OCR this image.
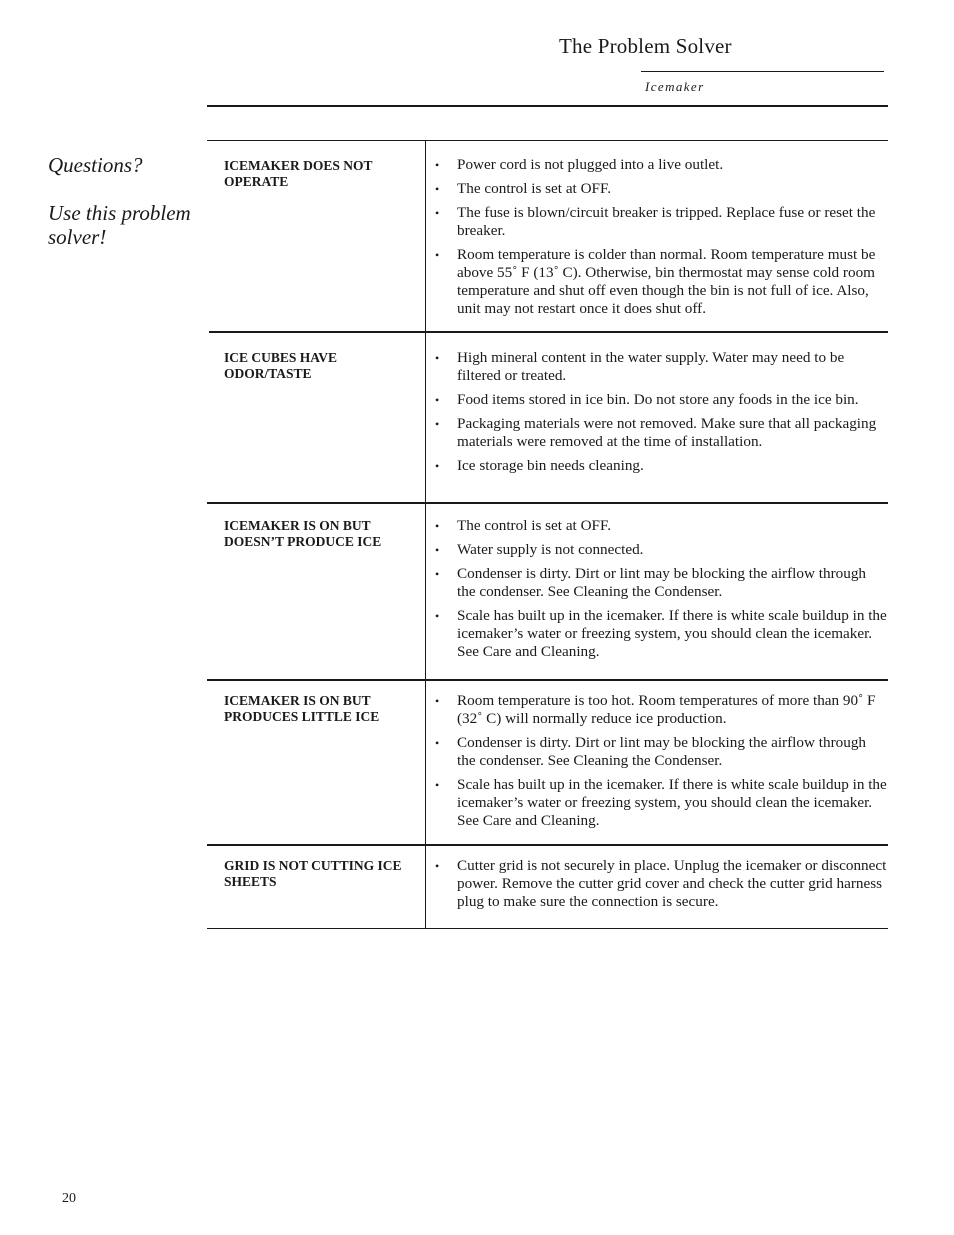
The Problem Solver
Icemaker
Questions?
Use this problem solver!
ICEMAKER DOES NOT OPERATE
• Power cord is not plugged into a live outlet.
• The control is set at OFF.
• The fuse is blown/circuit breaker is tripped. Replace fuse or reset the breaker.
• Room temperature is colder than normal. Room temperature must be above 55˚ F (13˚ C). Otherwise, bin thermostat may sense cold room temperature and shut off even though the bin is not full of ice. Also, unit may not restart once it does shut off.
ICE CUBES HAVE ODOR/TASTE
• High mineral content in the water supply. Water may need to be filtered or treated.
• Food items stored in ice bin. Do not store any foods in the ice bin.
• Packaging materials were not removed. Make sure that all packaging materials were removed at the time of installation.
• Ice storage bin needs cleaning.
ICEMAKER IS ON BUT DOESN’T PRODUCE ICE
• The control is set at OFF.
• Water supply is not connected.
• Condenser is dirty. Dirt or lint may be blocking the airflow through the condenser. See Cleaning the Condenser.
• Scale has built up in the icemaker. If there is white scale buildup in the icemaker’s water or freezing system, you should clean the icemaker. See Care and Cleaning.
ICEMAKER IS ON BUT PRODUCES LITTLE ICE
• Room temperature is too hot. Room temperatures of more than 90˚ F (32˚ C) will normally reduce ice production.
• Condenser is dirty. Dirt or lint may be blocking the airflow through the condenser. See Cleaning the Condenser.
• Scale has built up in the icemaker. If there is white scale buildup in the icemaker’s water or freezing system, you should clean the icemaker. See Care and Cleaning.
GRID IS NOT CUTTING ICE SHEETS
• Cutter grid is not securely in place. Unplug the icemaker or disconnect power. Remove the cutter grid cover and check the cutter grid harness plug to make sure the connection is secure.
20
